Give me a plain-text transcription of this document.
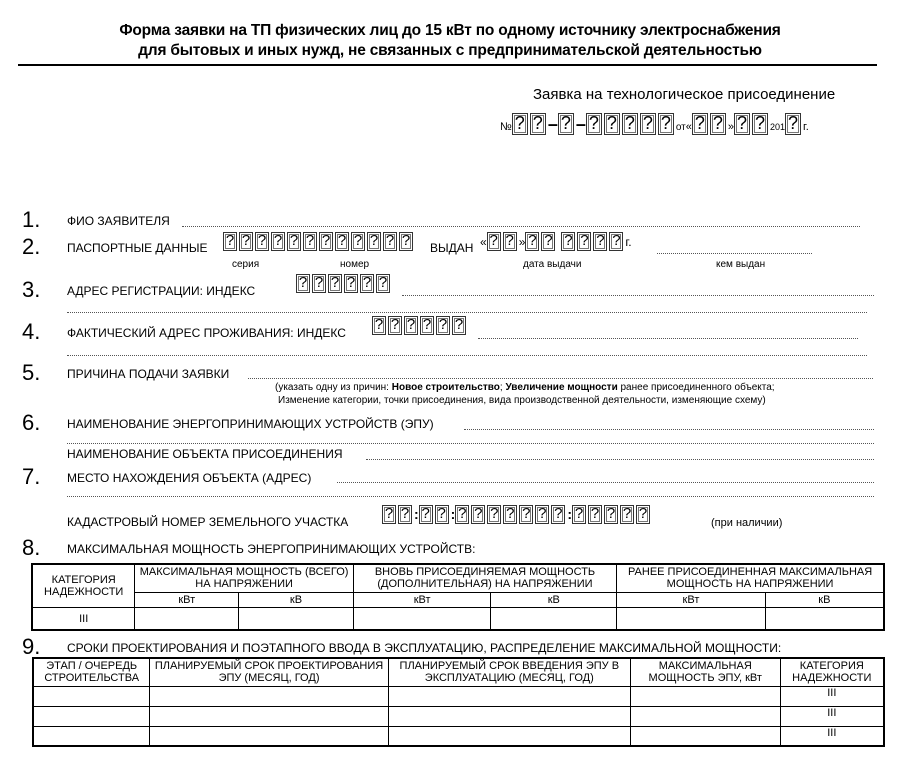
Форма заявки на ТП физических лиц до 15 кВт по одному источнику электроснабжения
для бытовых и иных нужд, не связанных с предпринимательской деятельностью
Заявка на технологическое присоединение
№ ? ? – ? – ? ? ? ? ? от« ? ? » ? ? 201 ? г.
1. ФИО ЗАЯВИТЕЛЯ
2. ПАСПОРТНЫЕ ДАННЫЕ ? ? ? ? ? ? ? ? ? ? ? ?	ВЫДАН « ? ? » ? ? ? ? ? ? г.
серия	номер	дата выдачи	кем выдан
3. АДРЕС РЕГИСТРАЦИИ: ИНДЕКС	? ? ? ? ? ?
4. ФАКТИЧЕСКИЙ АДРЕС ПРОЖИВАНИЯ: ИНДЕКС ? ? ? ? ? ?
5. ПРИЧИНА ПОДАЧИ ЗАЯВКИ
(указать одну из причин: Новое строительство; Увеличение мощности ранее присоединенного объекта;
Изменение категории, точки присоединения, вида производственной деятельности, изменяющие схему)
6. НАИМЕНОВАНИЕ ЭНЕРГОПРИНИМАЮЩИХ УСТРОЙСТВ (ЭПУ)
НАИМЕНОВАНИЕ ОБЪЕКТА ПРИСОЕДИНЕНИЯ
7. МЕСТО НАХОЖДЕНИЯ ОБЪЕКТА (АДРЕС)
КАДАСТРОВЫЙ НОМЕР ЗЕМЕЛЬНОГО УЧАСТКА ? ? : ? ? : ? ? ? ? ? ? ? : ? ? ? ? ?
(при наличии)
8. МАКСИМАЛЬНАЯ МОЩНОСТЬ ЭНЕРГОПРИНИМАЮЩИХ УСТРОЙСТВ:
КАТЕГОРИЯ НАДЕЖНОСТИ	МАКСИМАЛЬНАЯ МОЩНОСТЬ (ВСЕГО) НА НАПРЯЖЕНИИ		ВНОВЬ ПРИСОЕДИНЯЕМАЯ МОЩНОСТЬ (ДОПОЛНИТЕЛЬНАЯ) НА НАПРЯЖЕНИИ		РАНЕЕ ПРИСОЕДИНЕННАЯ МАКСИМАЛЬНАЯ МОЩНОСТЬ НА НАПРЯЖЕНИИ	
	кВт	кВ	кВт	кВ	кВт	кВ
III						
9. СРОКИ ПРОЕКТИРОВАНИЯ И ПОЭТАПНОГО ВВОДА В ЭКСПЛУАТАЦИЮ, РАСПРЕДЕЛЕНИЕ МАКСИМАЛЬНОЙ МОЩНОСТИ:
ЭТАП / ОЧЕРЕДЬ СТРОИТЕЛЬСТВА	ПЛАНИРУЕМЫЙ СРОК ПРОЕКТИРОВАНИЯ ЭПУ (МЕСЯЦ, ГОД)	ПЛАНИРУЕМЫЙ СРОК ВВЕДЕНИЯ ЭПУ В ЭКСПЛУАТАЦИЮ (МЕСЯЦ, ГОД)	МАКСИМАЛЬНАЯ МОЩНОСТЬ ЭПУ, кВт	КАТЕГОРИЯ НАДЕЖНОСТИ
				III
				III
				III
